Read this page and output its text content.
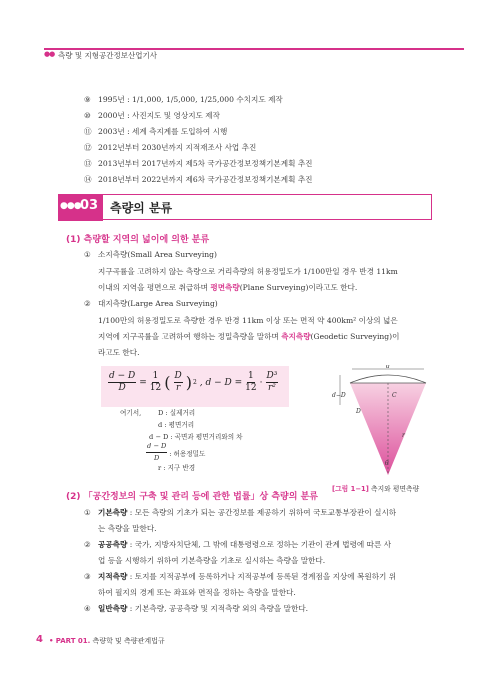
●● 측량 및 지형공간정보산업기사
⑨ 1995년 : 1/1,000, 1/5,000, 1/25,000 수치지도 제작
⑩ 2000년 : 사진지도 및 영상지도 제작
⑪ 2003년 : 세계 측지계를 도입하여 시행
⑫ 2012년부터 2030년까지 지적재조사 사업 추진
⑬ 2013년부터 2017년까지 제5차 국가공간정보정책기본계획 추진
⑭ 2018년부터 2022년까지 제6차 국가공간정보정책기본계획 추진
●●● 03 측량의 분류
(1) 측량할 지역의 넓이에 의한 분류
① 소지측량(Small Area Surveying)
지구곡률을 고려하지 않는 측량으로 거리측량의 허용정밀도가 1/100만일 경우 반경 11km
이내의 지역을 평면으로 취급하며 평면측량(Plane Surveying)이라고도 한다.
② 대지측량(Large Area Surveying)
1/100만의 허용정밀도로 측량한 경우 반경 11km 이상 또는 면적 약 400km² 이상의 넓은
지역에 지구곡률을 고려하여 행하는 정밀측량을 말하며 측지측량(Geodetic Surveying)이
라고도 한다.
$\frac{d - D}{D} = \frac{1}{12}$ ( $\frac{D}{r}$ ) 2 , $d - D = \frac{1}{12} \cdot \frac{\text{D³}}{\text{r²}}$
여기서,	D : 실제거리
d : 평면거리
d − D : 곡면과 평면거리와의 차
$\frac{d - D}{D}$ : 허용정밀도
r : 지구 반경
d
d−D
D
C
r
θ
[그림 1−1] 측지와 평면측량
(2) 「공간정보의 구축 및 관리 등에 관한 법률」상 측량의 분류
① 기본측량 : 모든 측량의 기초가 되는 공간정보를 제공하기 위하여 국토교통부장관이 실시하
는 측량을 말한다.
② 공공측량 : 국가, 지방자치단체, 그 밖에 대통령령으로 정하는 기관이 관계 법령에 따른 사
업 등을 시행하기 위하여 기본측량을 기초로 실시하는 측량을 말한다.
③ 지적측량 : 토지를 지적공부에 등록하거나 지적공부에 등록된 경계점을 지상에 복원하기 위
하여 필지의 경계 또는 좌표와 면적을 정하는 측량을 말한다.
④ 일반측량 : 기본측량, 공공측량 및 지적측량 외의 측량을 말한다.
4 • PART 01. 측량학 및 측량관계법규
